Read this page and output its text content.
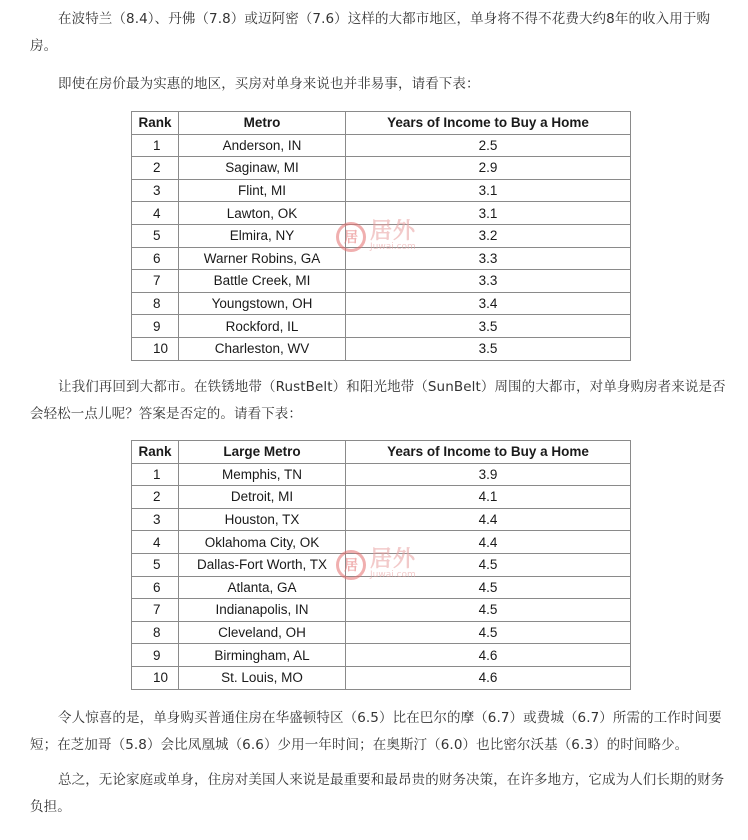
在波特兰（8.4）、丹佛（7.8）或迈阿密（7.6）这样的大都市地区，单身将不得不花费大约8年的收入用于购房。

即使在房价最为实惠的地区，买房对单身来说也并非易事，请看下表：

Rank	Metro	Years of Income to Buy a Home
1	Anderson, IN	2.5
2	Saginaw, MI	2.9
3	Flint, MI	3.1
4	Lawton, OK	3.1
5	Elmira, NY	3.2
6	Warner Robins, GA	3.3
7	Battle Creek, MI	3.3
8	Youngstown, OH	3.4
9	Rockford, IL	3.5
10	Charleston, WV	3.5
居 居外
Juwai.com

让我们再回到大都市。在铁锈地带（RustBelt）和阳光地带（SunBelt）周围的大都市，对单身购房者来说是否会轻松一点儿呢？答案是否定的。请看下表：

Rank	Large Metro	Years of Income to Buy a Home
1	Memphis, TN	3.9
2	Detroit, MI	4.1
3	Houston, TX	4.4
4	Oklahoma City, OK	4.4
5	Dallas-Fort Worth, TX	4.5
6	Atlanta, GA	4.5
7	Indianapolis, IN	4.5
8	Cleveland, OH	4.5
9	Birmingham, AL	4.6
10	St. Louis, MO	4.6
居 居外
Juwai.com

令人惊喜的是，单身购买普通住房在华盛顿特区（6.5）比在巴尔的摩（6.7）或费城（6.7）所需的工作时间要短；在芝加哥（5.8）会比凤凰城（6.6）少用一年时间；在奥斯汀（6.0）也比密尔沃基（6.3）的时间略少。

总之，无论家庭或单身，住房对美国人来说是最重要和最昂贵的财务决策，在许多地方，它成为人们长期的财务负担。
